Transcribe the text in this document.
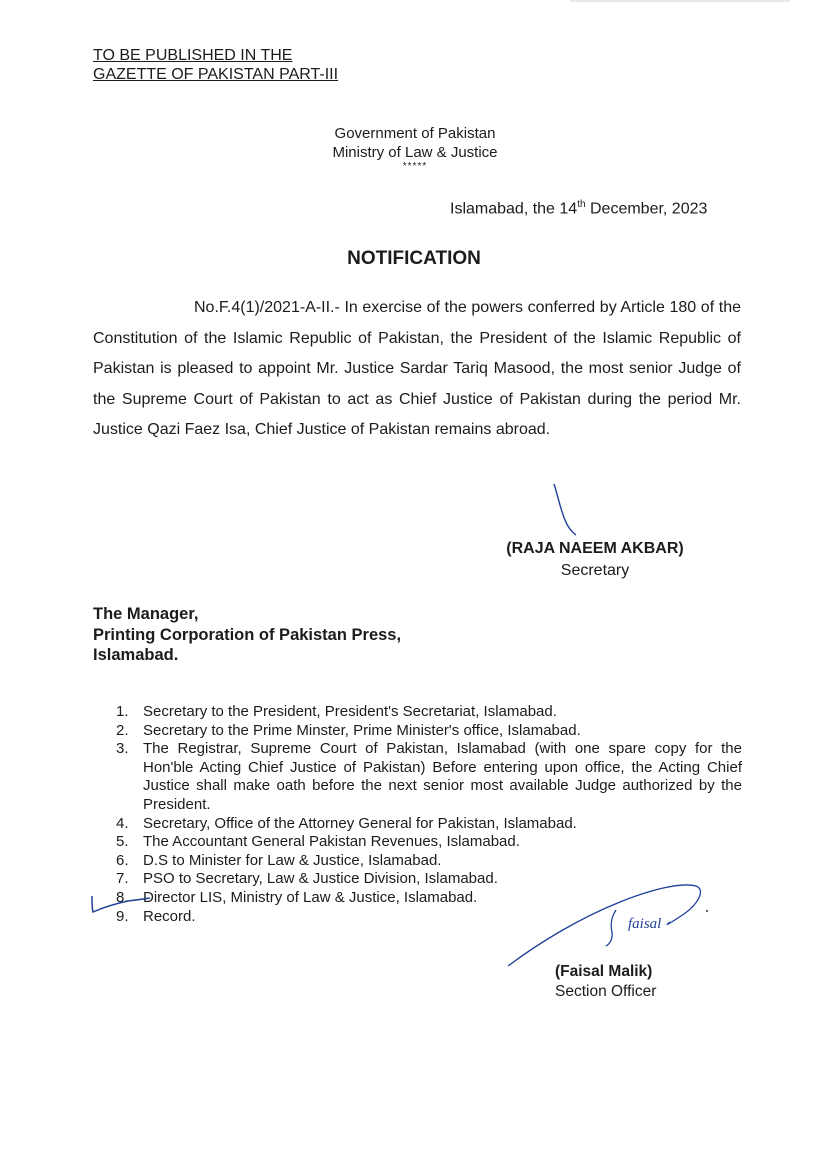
TO BE PUBLISHED IN THE
GAZETTE OF PAKISTAN PART-III
Government of Pakistan
Ministry of Law & Justice
*****
Islamabad, the 14th December, 2023
NOTIFICATION
No.F.4(1)/2021-A-II.- In exercise of the powers conferred by Article 180 of the Constitution of the Islamic Republic of Pakistan, the President of the Islamic Republic of Pakistan is pleased to appoint Mr. Justice Sardar Tariq Masood, the most senior Judge of the Supreme Court of Pakistan to act as Chief Justice of Pakistan during the period Mr. Justice Qazi Faez Isa, Chief Justice of Pakistan remains abroad.
(RAJA NAEEM AKBAR)
Secretary
The Manager,
Printing Corporation of Pakistan Press,
Islamabad.
1. Secretary to the President, President's Secretariat, Islamabad.
2. Secretary to the Prime Minster, Prime Minister's office, Islamabad.
3. The Registrar, Supreme Court of Pakistan, Islamabad (with one spare copy for the Hon'ble Acting Chief Justice of Pakistan) Before entering upon office, the Acting Chief Justice shall make oath before the next senior most available Judge authorized by the President.
4. Secretary, Office of the Attorney General for Pakistan, Islamabad.
5. The Accountant General Pakistan Revenues, Islamabad.
6. D.S to Minister for Law & Justice, Islamabad.
7. PSO to Secretary, Law & Justice Division, Islamabad.
8. Director LIS, Ministry of Law & Justice, Islamabad.
9. Record.	faisal
(Faisal Malik)
Section Officer
